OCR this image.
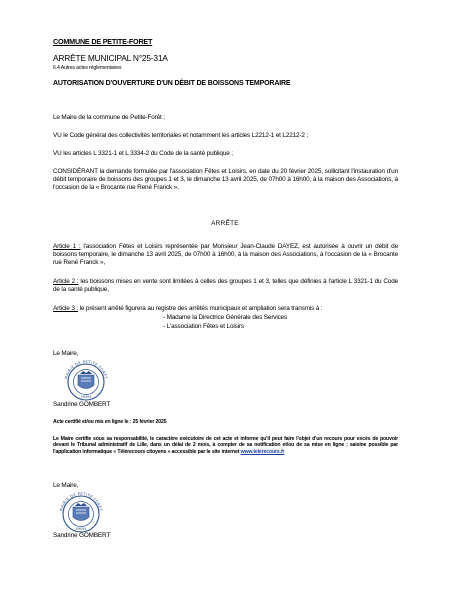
COMMUNE DE PETITE-FORET
ARRÊTE MUNICIPAL N°25-31A
6.4 Autres actes réglementaires
AUTORISATION D'OUVERTURE D'UN DÉBIT DE BOISSONS TEMPORAIRE
Le Maire de la commune de Petite-Forêt ;
VU le Code général des collectivités territoriales et notamment les articles L2212-1 et L2212-2 ;
VU les articles L 3321-1 et L 3334-2 du Code de la santé publique ;
CONSIDÉRANT la demande formulée par l'association Fêtes et Loisirs, en date du 20 février 2025, sollicitant l'instauration d'un débit temporaire de boissons des groupes 1 et 3, le dimanche 13 avril 2025, de 07h00 à 16h00, à la maison des Associations, à l'occasion de la « Brocante rue René Franck »,
ARRÊTE
Article 1 : l'association Fêtes et Loisirs représentée par Monsieur Jean-Claude DAYEZ, est autorisée à ouvrir un débit de boissons temporaire, le dimanche 13 avril 2025, de 07h00 à 16h00, à la maison des Associations, à l'occasion de la « Brocante rue René Franck »,
Article 2 : les boissons mises en vente sont limitées à celles des groupes 1 et 3, telles que définies à l'article L 3321-1 du Code de la santé publique,
Article 3 : le présent arrêté figurera au registre des arrêtés municipaux et ampliation sera transmis à :
- Madame la Directrice Générale des Services
- L'association Fêtes et Loisirs
Le Maire,
MAIRIE DE PETITE-FORÊT
59494
Sandrine GOMBERT
Acte certifié et/ou mis en ligne le : 25 février 2025
Le Maire certifie sous sa responsabilité, le caractère exécutoire de cet acte et informe qu'il peut faire l'objet d'un recours pour excès de pouvoir devant le Tribunal administratif de Lille, dans un délai de 2 mois, à compter de sa notification et/ou de sa mise en ligne ; saisine possible par l'application informatique « Télérecours citoyens » accessible par le site internet www.telerecours.fr
Le Maire,
MAIRIE DE PETITE-FORÊT
59494
Sandrine GOMBERT
